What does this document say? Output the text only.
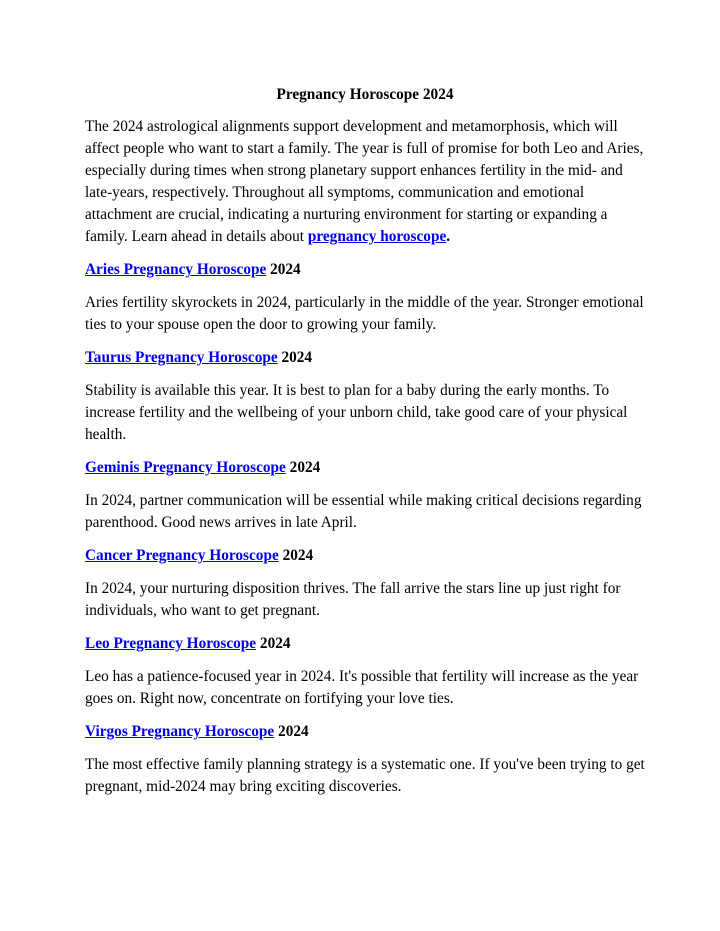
Pregnancy Horoscope 2024

The 2024 astrological alignments support development and metamorphosis, which will affect people who want to start a family. The year is full of promise for both Leo and Aries, especially during times when strong planetary support enhances fertility in the mid- and late-years, respectively. Throughout all symptoms, communication and emotional attachment are crucial, indicating a nurturing environment for starting or expanding a family. Learn ahead in details about pregnancy horoscope.

Aries Pregnancy Horoscope 2024

Aries fertility skyrockets in 2024, particularly in the middle of the year. Stronger emotional ties to your spouse open the door to growing your family.

Taurus Pregnancy Horoscope 2024

Stability is available this year. It is best to plan for a baby during the early months. To increase fertility and the wellbeing of your unborn child, take good care of your physical health.

Geminis Pregnancy Horoscope 2024

In 2024, partner communication will be essential while making critical decisions regarding parenthood. Good news arrives in late April.

Cancer Pregnancy Horoscope 2024

In 2024, your nurturing disposition thrives. The fall arrive the stars line up just right for individuals, who want to get pregnant.

Leo Pregnancy Horoscope 2024

Leo has a patience-focused year in 2024. It's possible that fertility will increase as the year goes on. Right now, concentrate on fortifying your love ties.

Virgos Pregnancy Horoscope 2024

The most effective family planning strategy is a systematic one. If you've been trying to get pregnant, mid-2024 may bring exciting discoveries.
